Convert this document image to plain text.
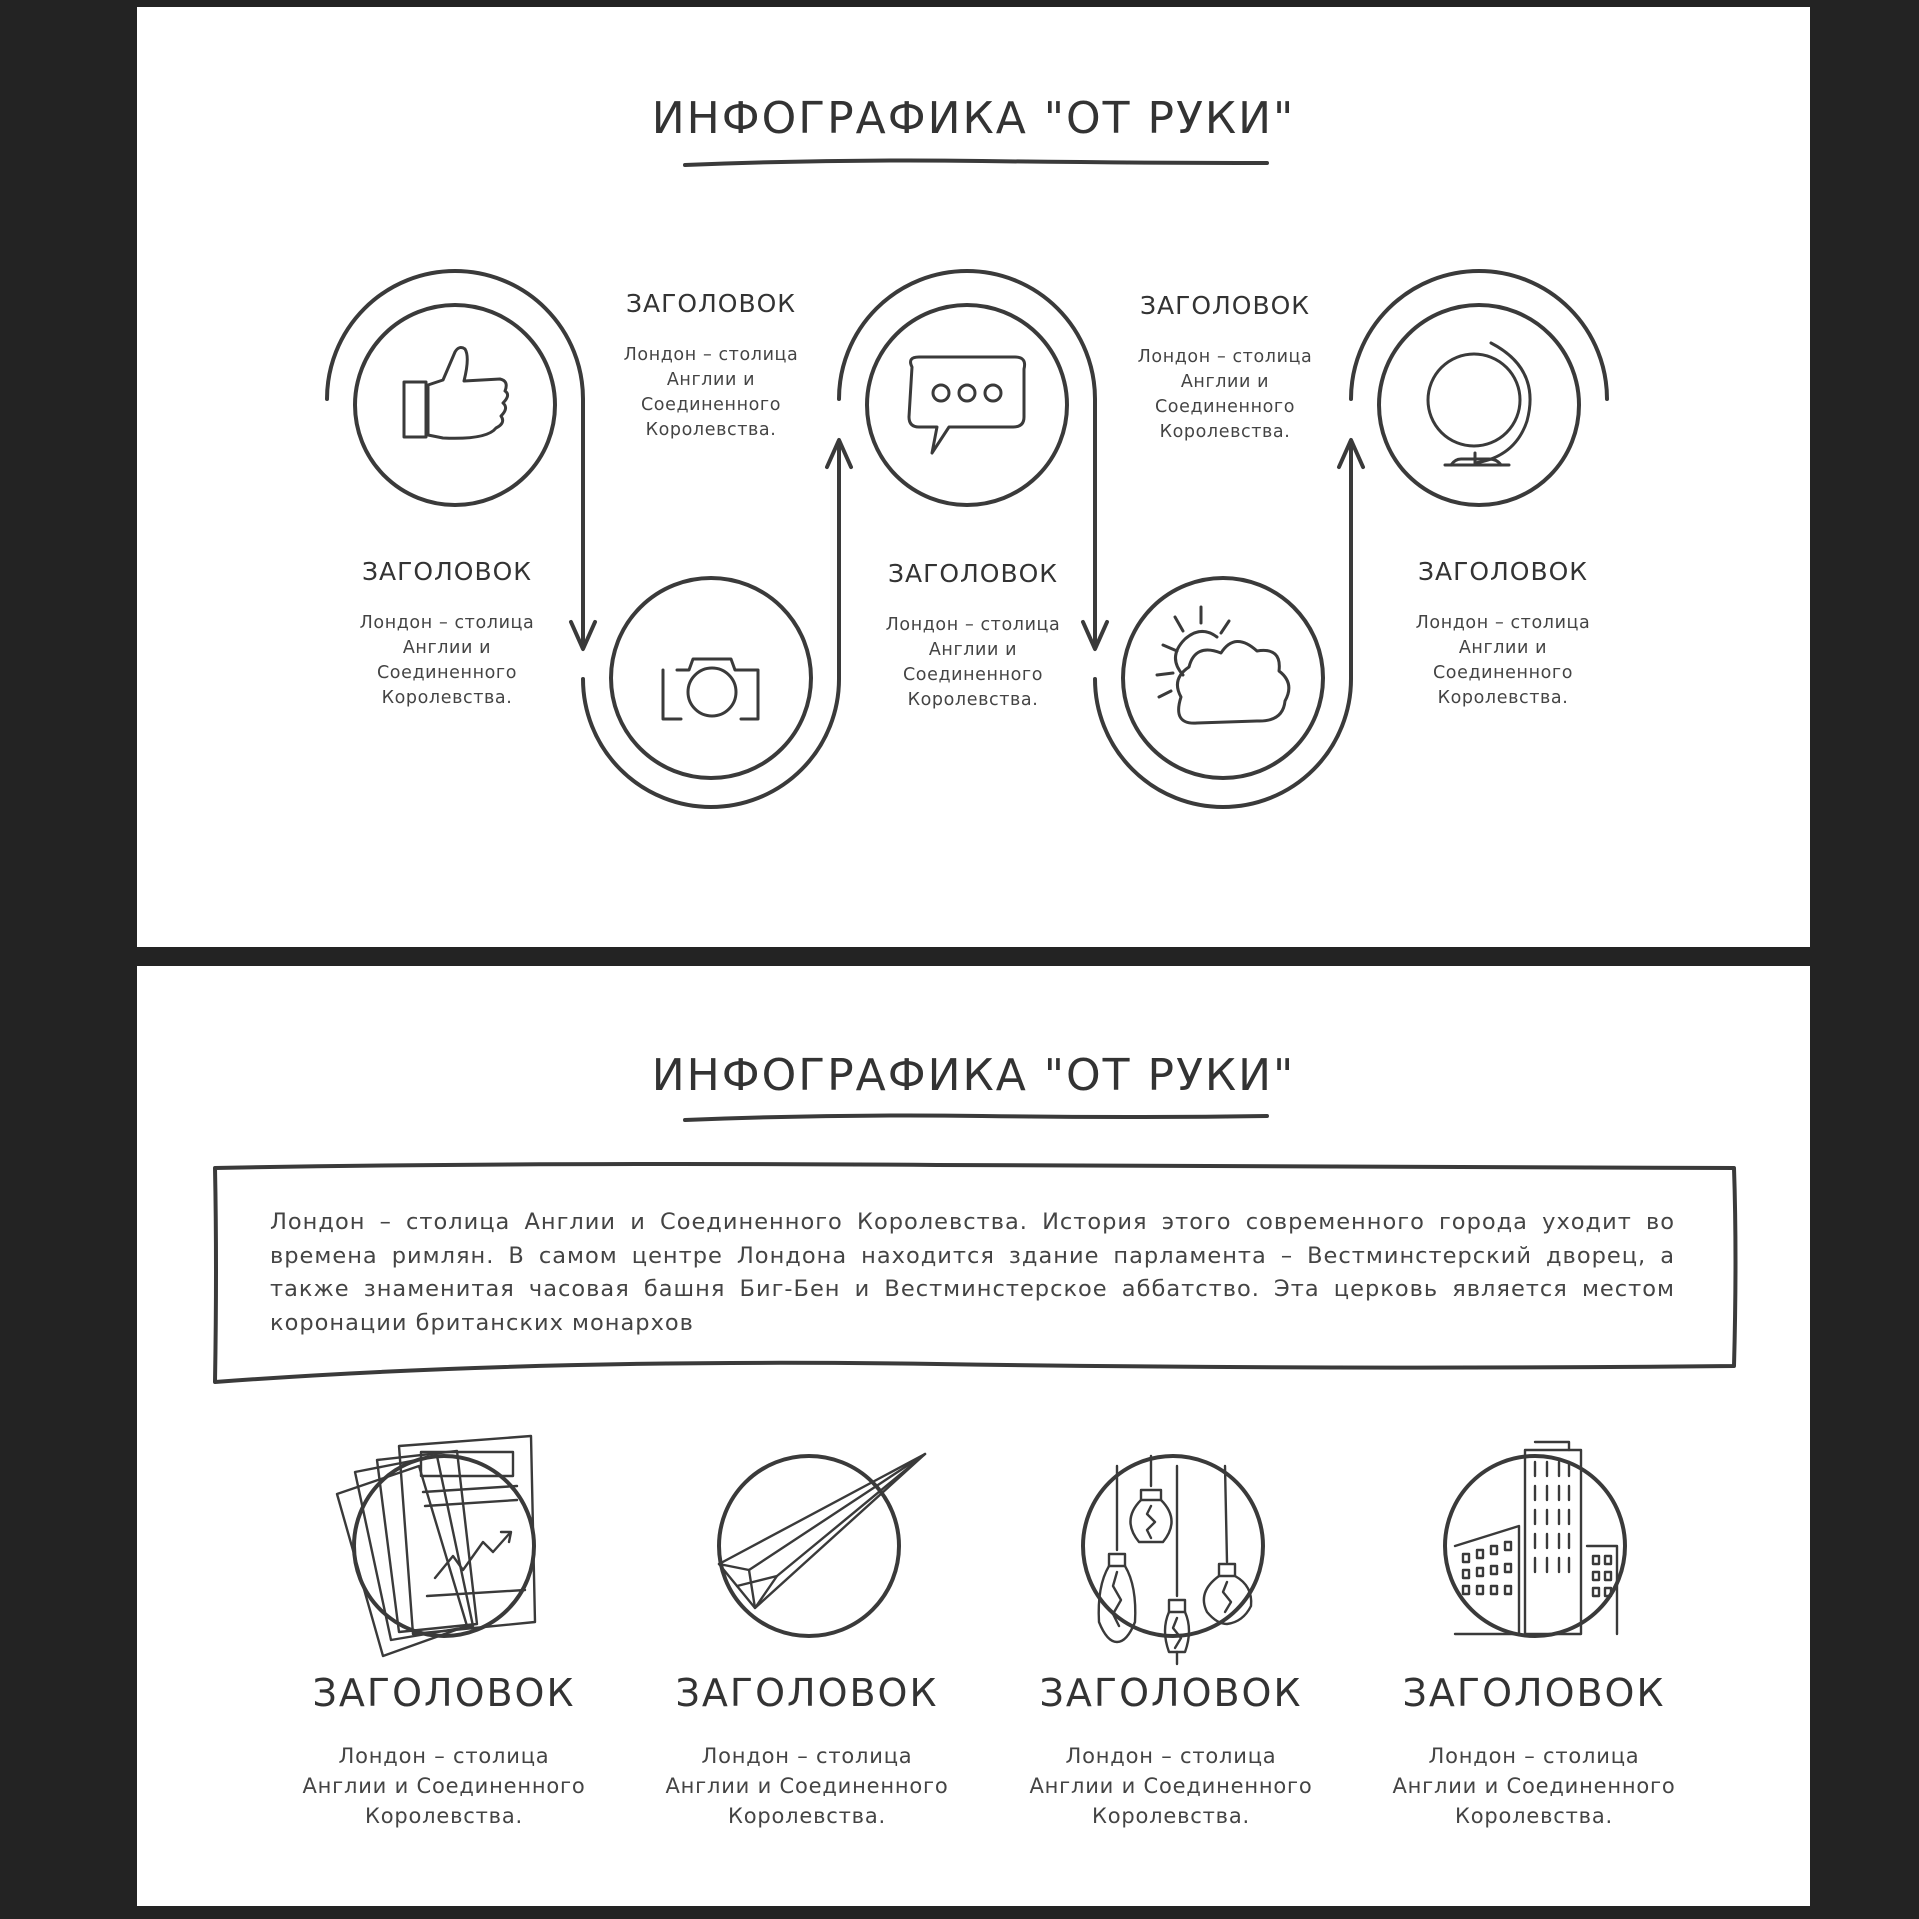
ИНФОГРАФИКА "ОТ РУКИ"
ЗАГОЛОВОК
Лондон – столица Англии и Соединенного Королевства.
ЗАГОЛОВОК
Лондон – столица Англии и Соединенного Королевства.
ЗАГОЛОВОК
Лондон – столица Англии и Соединенного Королевства.
ЗАГОЛОВОК
Лондон – столица Англии и Соединенного Королевства.
ЗАГОЛОВОК
Лондон – столица Англии и Соединенного Королевства.
ИНФОГРАФИКА "ОТ РУКИ"
Лондон – столица Англии и Соединенного Королевства. История этого современного города уходит во времена римлян. В самом центре Лондона находится здание парламента – Вестминстерский дворец, а также знаменитая часовая башня Биг-Бен и Вестминстерское аббатство. Эта церковь является местом коронации британских монархов
ЗАГОЛОВОК
Лондон – столица Англии и Соединенного Королевства.
ЗАГОЛОВОК
Лондон – столица Англии и Соединенного Королевства.
ЗАГОЛОВОК
Лондон – столица Англии и Соединенного Королевства.
ЗАГОЛОВОК
Лондон – столица Англии и Соединенного Королевства.
